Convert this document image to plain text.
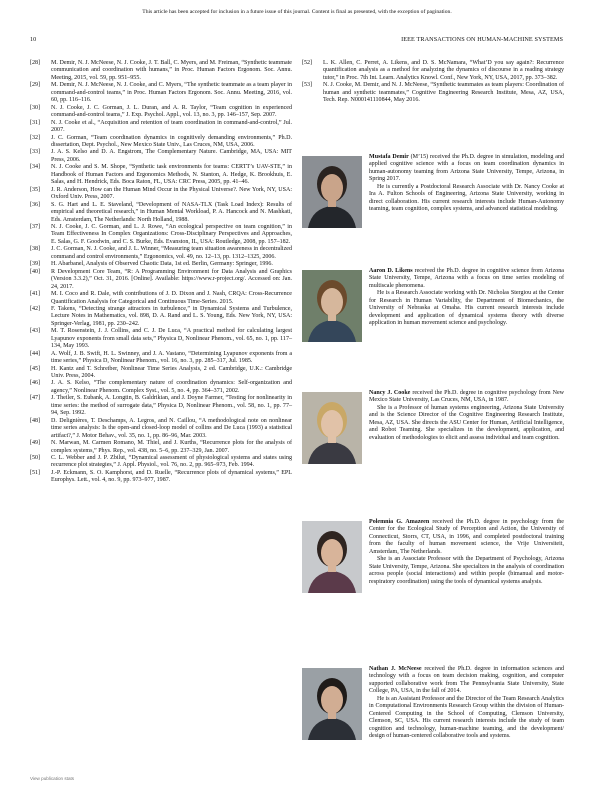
This article has been accepted for inclusion in a future issue of this journal. Content is final as presented, with the exception of pagination.
10	IEEE TRANSACTIONS ON HUMAN-MACHINE SYSTEMS
[28]	M. Demir, N. J. McNeese, N. J. Cooke, J. T. Ball, C. Myers, and M. Freiman, “Synthetic teammate communication and coordination with humans,” in Proc. Human Factors Ergonom. Soc. Annu. Meeting, 2015, vol. 59, pp. 951–955.
[29]	M. Demir, N. J. McNeese, N. J. Cooke, and C. Myers, “The synthetic teammate as a team player in command-and-control teams,” in Proc. Human Factors Ergonom. Soc. Annu. Meeting, 2016, vol. 60, pp. 116–116.
[30]	N. J. Cooke, J. C. Gorman, J. L. Duran, and A. R. Taylor, “Team cognition in experienced command-and-control teams,” J. Exp. Psychol. Appl., vol. 13, no. 3, pp. 146–157, Sep. 2007.
[31]	N. J. Cooke et al., “Acquisition and retention of team coordination in command-and-control,” Jul. 2007.
[32]	J. C. Gorman, “Team coordination dynamics in cognitively demanding environments,” Ph.D. dissertation, Dept. Psychol., New Mexico State Univ., Las Cruces, NM, USA, 2006.
[33]	J. A. S. Kelso and D. A. Engstrom, The Complementary Nature. Cambridge, MA, USA: MIT Press, 2006.
[34]	N. J. Cooke and S. M. Shope, “Synthetic task environments for teams: CERTT’s UAV-STE,” in Handbook of Human Factors and Ergonomics Methods, N. Stanton, A. Hedge, K. Brookhuis, E. Salas, and H. Hendrick, Eds. Boca Raton, FL, USA: CRC Press, 2005, pp. 41–46.
[35]	J. R. Anderson, How can the Human Mind Occur in the Physical Universe?. New York, NY, USA: Oxford Univ. Press, 2007.
[36]	S. G. Hart and L. E. Staveland, “Development of NASA-TLX (Task Load Index): Results of empirical and theoretical research,” in Human Mental Workload, P. A. Hancock and N. Mashkati, Eds. Amsterdam, The Netherlands: North Holland, 1988.
[37]	N. J. Cooke, J. C. Gorman, and L. J. Rowe, “An ecological perspective on team cognition,” in Team Effectiveness In Complex Organizations: Cross-Disciplinary Perspectives and Approaches, E. Salas, G. F. Goodwin, and C. S. Burke, Eds. Evanston, IL, USA: Routledge, 2008, pp. 157–182.
[38]	J. C. Gorman, N. J. Cooke, and J. L. Winner, “Measuring team situation awareness in decentralized command and control environments,” Ergonomics, vol. 49, no. 12–13, pp. 1312–1325, 2006.
[39]	H. Abarbanel, Analysis of Observed Chaotic Data, 1st ed. Berlin, Germany: Springer, 1996.
[40]	R Development Core Team, “R: A Programming Environment for Data Analysis and Graphics (Version 3.3.2),” Oct. 31, 2016. [Online]. Available: https://www.r-project.org/. Accessed on: Jan. 24, 2017.
[41]	M. I. Coco and R. Dale, with contributions of J. D. Dixon and J. Nash, CRQA: Cross-Recurrence Quantification Analysis for Categorical and Continuous Time-Series. 2015.
[42]	F. Takens, “Detecting strange attractors in turbulence,” in Dynamical Systems and Turbulence, Lecture Notes in Mathematics, vol. 898, D. A. Rand and L. S. Young, Eds. New York, NY, USA: Springer-Verlag, 1981, pp. 230–242.
[43]	M. T. Rosenstein, J. J. Collins, and C. J. De Luca, “A practical method for calculating largest Lyapunov exponents from small data sets,” Physica D, Nonlinear Phenom., vol. 65, no. 1, pp. 117–134, May 1993.
[44]	A. Wolf, J. B. Swift, H. L. Swinney, and J. A. Vastano, “Determining Lyapunov exponents from a time series,” Physica D, Nonlinear Phenom., vol. 16, no. 3, pp. 285–317, Jul. 1985.
[45]	H. Kantz and T. Schreiber, Nonlinear Time Series Analysis, 2 ed. Cambridge, U.K.: Cambridge Univ. Press, 2004.
[46]	J. A. S. Kelso, “The complementary nature of coordination dynamics: Self-organization and agency,” Nonlinear Phenom. Complex Syst., vol. 5, no. 4, pp. 364–371, 2002.
[47]	J. Theiler, S. Eubank, A. Longtin, B. Galdrikian, and J. Doyne Farmer, “Testing for nonlinearity in time series: the method of surrogate data,” Physica D, Nonlinear Phenom., vol. 58, no. 1, pp. 77–94, Sep. 1992.
[48]	D. Delignières, T. Deschamps, A. Legros, and N. Caillou, “A methodological note on nonlinear time series analysis: Is the open-and closed-loop model of collins and De Luca (1993) a statistical artifact?,” J. Motor Behav., vol. 35, no. 1, pp. 86–96, Mar. 2003.
[49]	N. Marwan, M. Carmen Romano, M. Thiel, and J. Kurths, “Recurrence plots for the analysis of complex systems,” Phys. Rep., vol. 438, no. 5–6, pp. 237–329, Jan. 2007.
[50]	C. L. Webber and J. P. Zbilut, “Dynamical assessment of physiological systems and states using recurrence plot strategies,” J. Appl. Physiol., vol. 76, no. 2, pp. 965–973, Feb. 1994.
[51]	J.-P. Eckmann, S. O. Kamphorst, and D. Ruelle, “Recurrence plots of dynamical systems,” EPL Europhys. Lett., vol. 4, no. 9, pp. 973–977, 1987.
[52]	L. K. Allen, C. Perret, A. Likens, and D. S. McNamara, “What’D you say again?: Recurrence quantification analysis as a method for analyzing the dynamics of discourse in a reading strategy tutor,” in Proc. 7th Int. Learn. Analytics Knowl. Conf., New York, NY, USA, 2017, pp. 373–382.
[53]	N. J. Cooke, M. Demir, and N. J. McNeese, “Synthetic teammates as team players: Coordination of human and synthetic teammates,” Cognitive Engineering Research Institute, Mesa, AZ, USA, Tech. Rep. N000141110844, May 2016.

Mustafa Demir (M’15) received the Ph.D. degree in simulation, modeling and applied cognitive science with a focus on team coordination dynamics in human-autonomy teaming from Arizona State University, Tempe, Arizona, in Spring 2017.

He is currently a Postdoctoral Research Associate with Dr. Nancy Cooke at Ira A. Fulton Schools of Engineering, Arizona State University, working in direct collaboration. His current research interests include Human-Autonomy teaming, team cognition, complex systems, and advanced statistical modeling.

Aaron D. Likens received the Ph.D. degree in cognitive science from Arizona State University, Tempe, Arizona with a focus on time series modeling of multiscale phenomena.

He is a Research Associate working with Dr. Nicholas Stergiou at the Center for Research in Human Variability, the Department of Biomechanics, the University of Nebraska at Omaha. His current research interests include development and application of dynamical systems theory with diverse application in human movement science and psychology.

Nancy J. Cooke received the Ph.D. degree in cognitive psychology from New Mexico State University, Las Cruces, NM, USA, in 1987.

She is a Professor of human systems engineering, Arizona State University and is the Science Director of the Cognitive Engineering Research Institute, Mesa, AZ, USA. She directs the ASU Center for Human, Artificial Intelligence, and Robot Teaming. She specializes in the development, application, and evaluation of methodologies to elicit and assess individual and team cognition.

Polemnia G. Amazeen received the Ph.D. degree in psychology from the Center for the Ecological Study of Perception and Action, the University of Connecticut, Storrs, CT, USA, in 1996, and completed postdoctoral training from the faculty of human movement science, the Vrije Universiteit, Amsterdam, The Netherlands.

She is an Associate Professor with the Department of Psychology, Arizona State University, Tempe, Arizona. She specializes in the analysis of coordination across people (social interactions) and within people (bimanual and motor-respiratory coordination) using the tools of dynamical systems analysis.

Nathan J. McNeese received the Ph.D. degree in information sciences and technology with a focus on team decision making, cognition, and computer supported collaborative work from The Pennsylvania State University, State College, PA, USA, in the fall of 2014.

He is an Assistant Professor and the Director of the Team Research Analytics in Computational Environments Research Group within the division of Human-Centered Computing in the School of Computing, Clemson University, Clemson, SC, USA. His current research interests include the study of team cognition and technology, human-machine teaming, and the development/ design of human-centered collaborative tools and systems.

View publication stats
